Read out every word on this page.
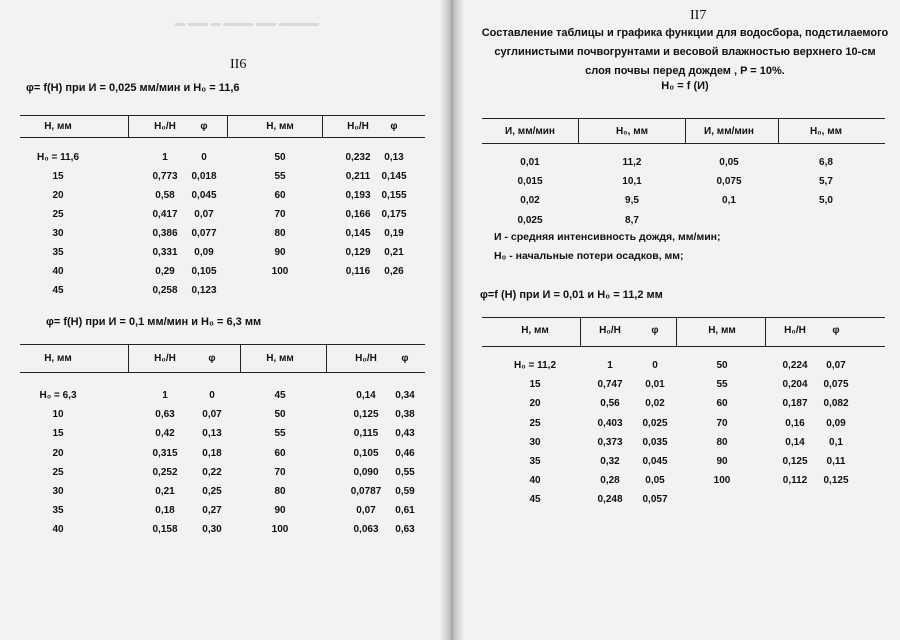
▬ ▬▬ ▬ ▬▬▬ ▬▬ ▬▬▬▬
II6
φ= f(H) при И = 0,025 мм/мин и H₀ = 11,6
H, мм	H₀/H φ	H, мм	H₀/H φ
H₀ = 11,6	1	0	50	0,232 0,13
15	0,773 0,018	55	0,211 0,145
20	0,58 0,045	60	0,193 0,155
25	0,417 0,07	70	0,166 0,175
30	0,386 0,077	80	0,145 0,19
35	0,331 0,09	90	0,129 0,21
40	0,29 0,105	100	0,116 0,26
45	0,258 0,123
φ= f(H) при И = 0,1 мм/мин и H₀ = 6,3 мм
H, мм	H₀/H	φ	H, мм	H₀/H φ
H₀ = 6,3	1	0	45	0,14 0,34
10	0,63	0,07	50	0,125 0,38
15	0,42	0,13	55	0,115 0,43
20	0,315 0,18	60	0,105 0,46
25	0,252 0,22	70	0,090 0,55
30	0,21	0,25	80	0,0787 0,59
35	0,18	0,27	90	0,07 0,61
40	0,158 0,30	100	0,063 0,63
II7
Составление таблицы и графика функции для водосбора, подстилаемого
суглинистыми почвогрунтами и весовой влажностью верхнего 10-см
слоя почвы перед дождем , P = 10%.
H₀ = f (И)
И, мм/мин	H₀, мм	И, мм/мин	H₀, мм
0,01	11,2	0,05	6,8
0,015	10,1	0,075	5,7
0,02	9,5	0,1	5,0
0,025	8,7
И - средняя интенсивность дождя, мм/мин;
H₀ - начальные потери осадков, мм;
φ=f (H) при И = 0,01 и H₀ = 11,2 мм
H, мм	H₀/H	φ	H, мм	H₀/H	φ
H₀ = 11,2	1	0	50	0,224 0,07
15	0,747 0,01	55	0,204 0,075
20	0,56	0,02	60	0,187 0,082
25	0,403 0,025	70	0,16 0,09
30	0,373 0,035	80	0,14 0,1
35	0,32 0,045	90	0,125 0,11
40	0,28	0,05	100	0,112 0,125
45	0,248 0,057
